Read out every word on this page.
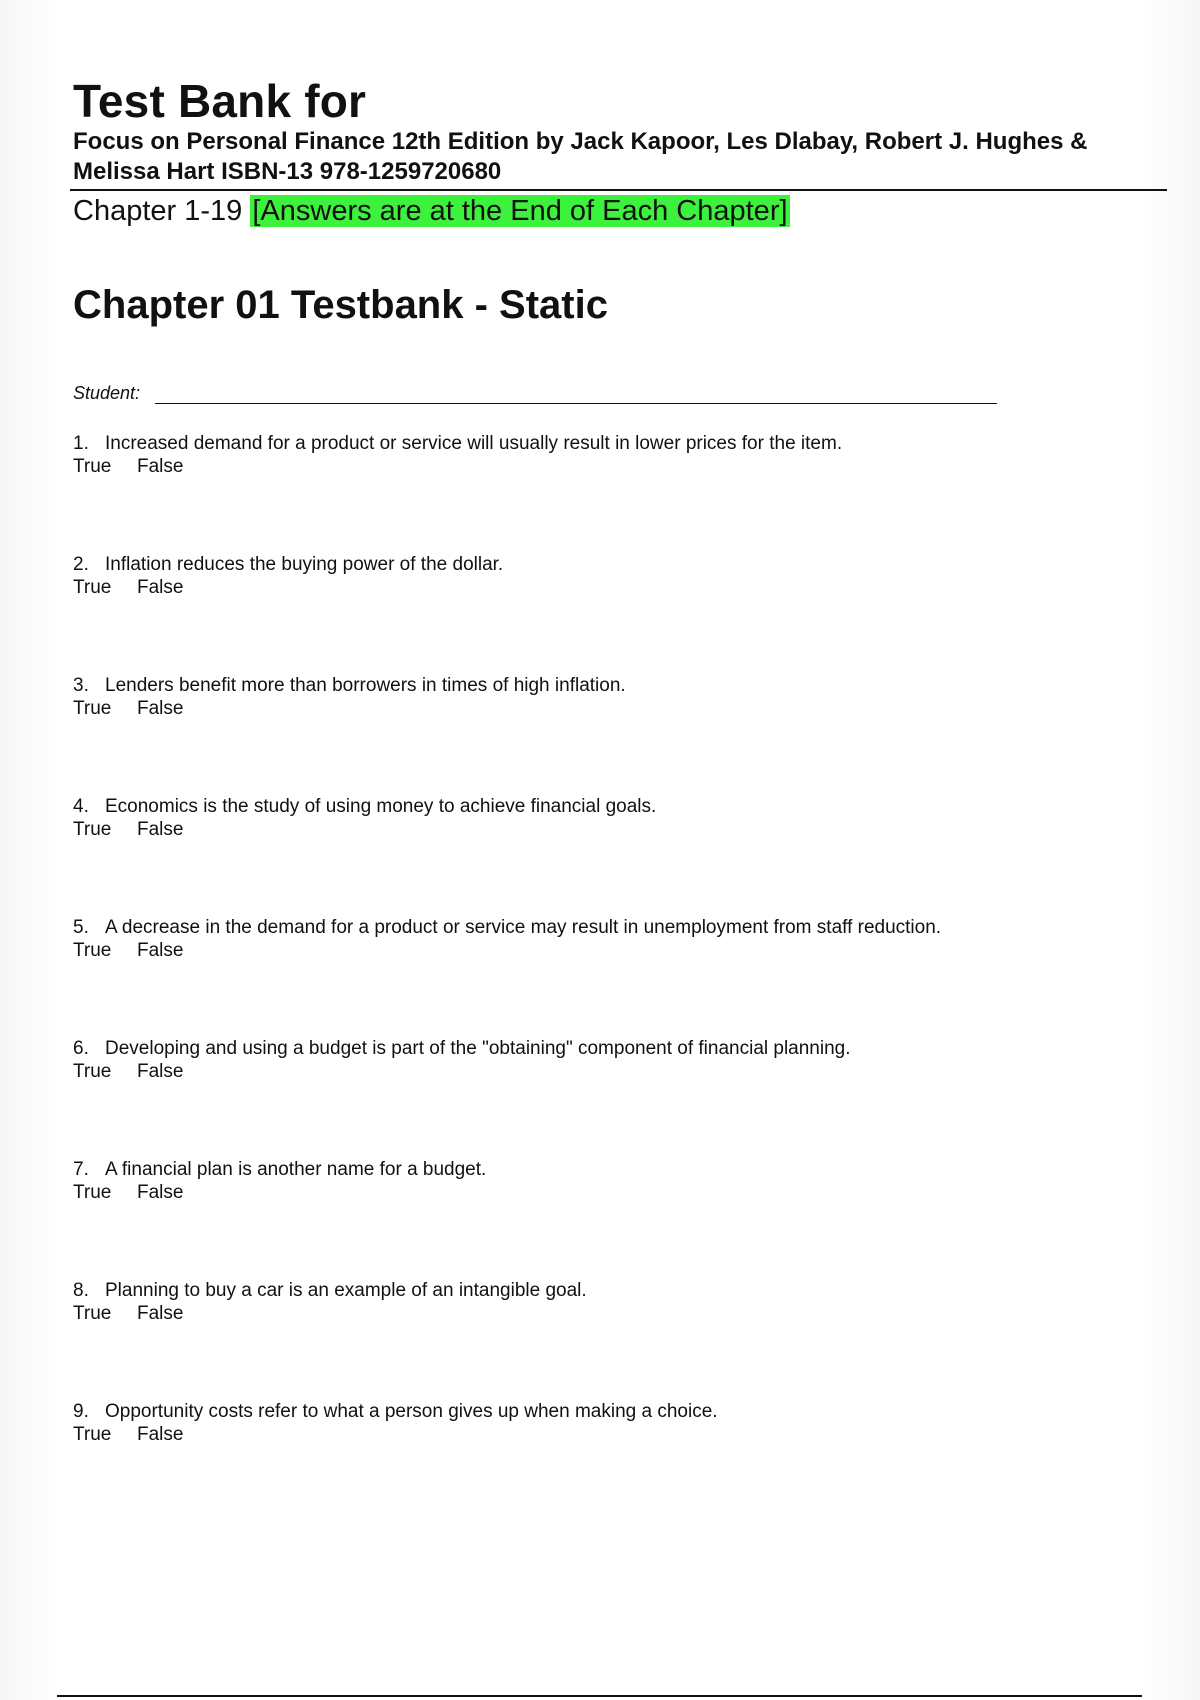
Test Bank for

Focus on Personal Finance 12th Edition by Jack Kapoor, Les Dlabay, Robert J. Hughes & Melissa Hart ISBN-13 978-1259720680

Chapter 1-19 [Answers are at the End of Each Chapter]
Chapter 01 Testbank - Static
Student:
1. Increased demand for a product or service will usually result in lower prices for the item.
True False
2. Inflation reduces the buying power of the dollar.
True False
3. Lenders benefit more than borrowers in times of high inflation.
True False
4. Economics is the study of using money to achieve financial goals.
True False
5. A decrease in the demand for a product or service may result in unemployment from staff reduction.
True False
6. Developing and using a budget is part of the "obtaining" component of financial planning.
True False
7. A financial plan is another name for a budget.
True False
8. Planning to buy a car is an example of an intangible goal.
True False
9. Opportunity costs refer to what a person gives up when making a choice.
True False
